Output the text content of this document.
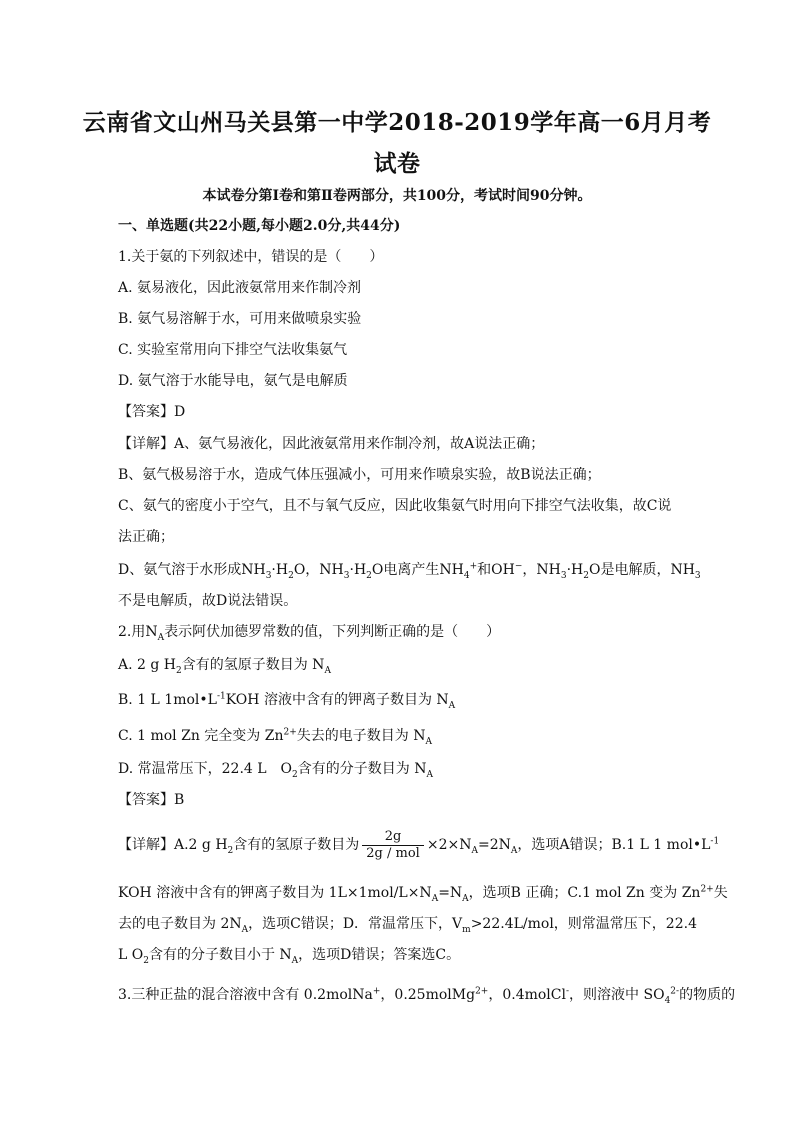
云南省文山州马关县第一中学2018-2019学年高一6月月考
试卷
本试卷分第Ⅰ卷和第Ⅱ卷两部分，共100分，考试时间90分钟。
一、单选题(共22小题,每小题2.0分,共44分)
1.关于氨的下列叙述中，错误的是（　　）
A. 氨易液化，因此液氨常用来作制冷剂
B. 氨气易溶解于水，可用来做喷泉实验
C. 实验室常用向下排空气法收集氨气
D. 氨气溶于水能导电，氨气是电解质
【答案】D
【详解】A、氨气易液化，因此液氨常用来作制冷剂，故A说法正确；
B、氨气极易溶于水，造成气体压强减小，可用来作喷泉实验，故B说法正确；
C、氨气的密度小于空气，且不与氧气反应，因此收集氨气时用向下排空气法收集，故C说
法正确；
D、氨气溶于水形成$NH_3\cdot H_2O$，$NH_3\cdot H_2O$电离产生$NH_4^+$和OH−，$NH_3\cdot H_2O$是电解质，$NH_3$
不是电解质，故D说法错误。
2.用$N_A$表示阿伏加德罗常数的值，下列判断正确的是（　　）
A. 2 g $H_2$含有的氢原子数目为 $N_A$
B. 1 L $1mol•L^{-1}KOH$ 溶液中含有的钾离子数目为 $N_A$
C. 1 mol Zn 完全变为 $Zn^{2+}$失去的电子数目为 $N_A$
D. 常温常压下，22.4 L　$O_2$含有的分子数目为 $N_A$
【答案】B
【详解】A.2 g $H_2$含有的氢原子数目为 $\frac{2g}{\text{2g / mol}} \times 2\times N_A=2N_A$，选项A错误；B.1 L 1 $mol•L^{-1}$
KOH 溶液中含有的钾离子数目为 $1L\times 1mol/L\times N_A=N_A$，选项B 正确；C.1 mol Zn 变为 $Zn^{2+}$失
去的电子数目为 $2N_A$，选项C错误；D．常温常压下，$V_m>22.4L$/mol，则常温常压下，22.4
L $O_2$含有的分子数目小于 $N_A$，选项D错误；答案选C。
3.三种正盐的混合溶液中含有 0.2molNa+，0.25molMg$^{2+}$，0.4molCl-，则溶液中 $SO_4^{2-}$的物质的
